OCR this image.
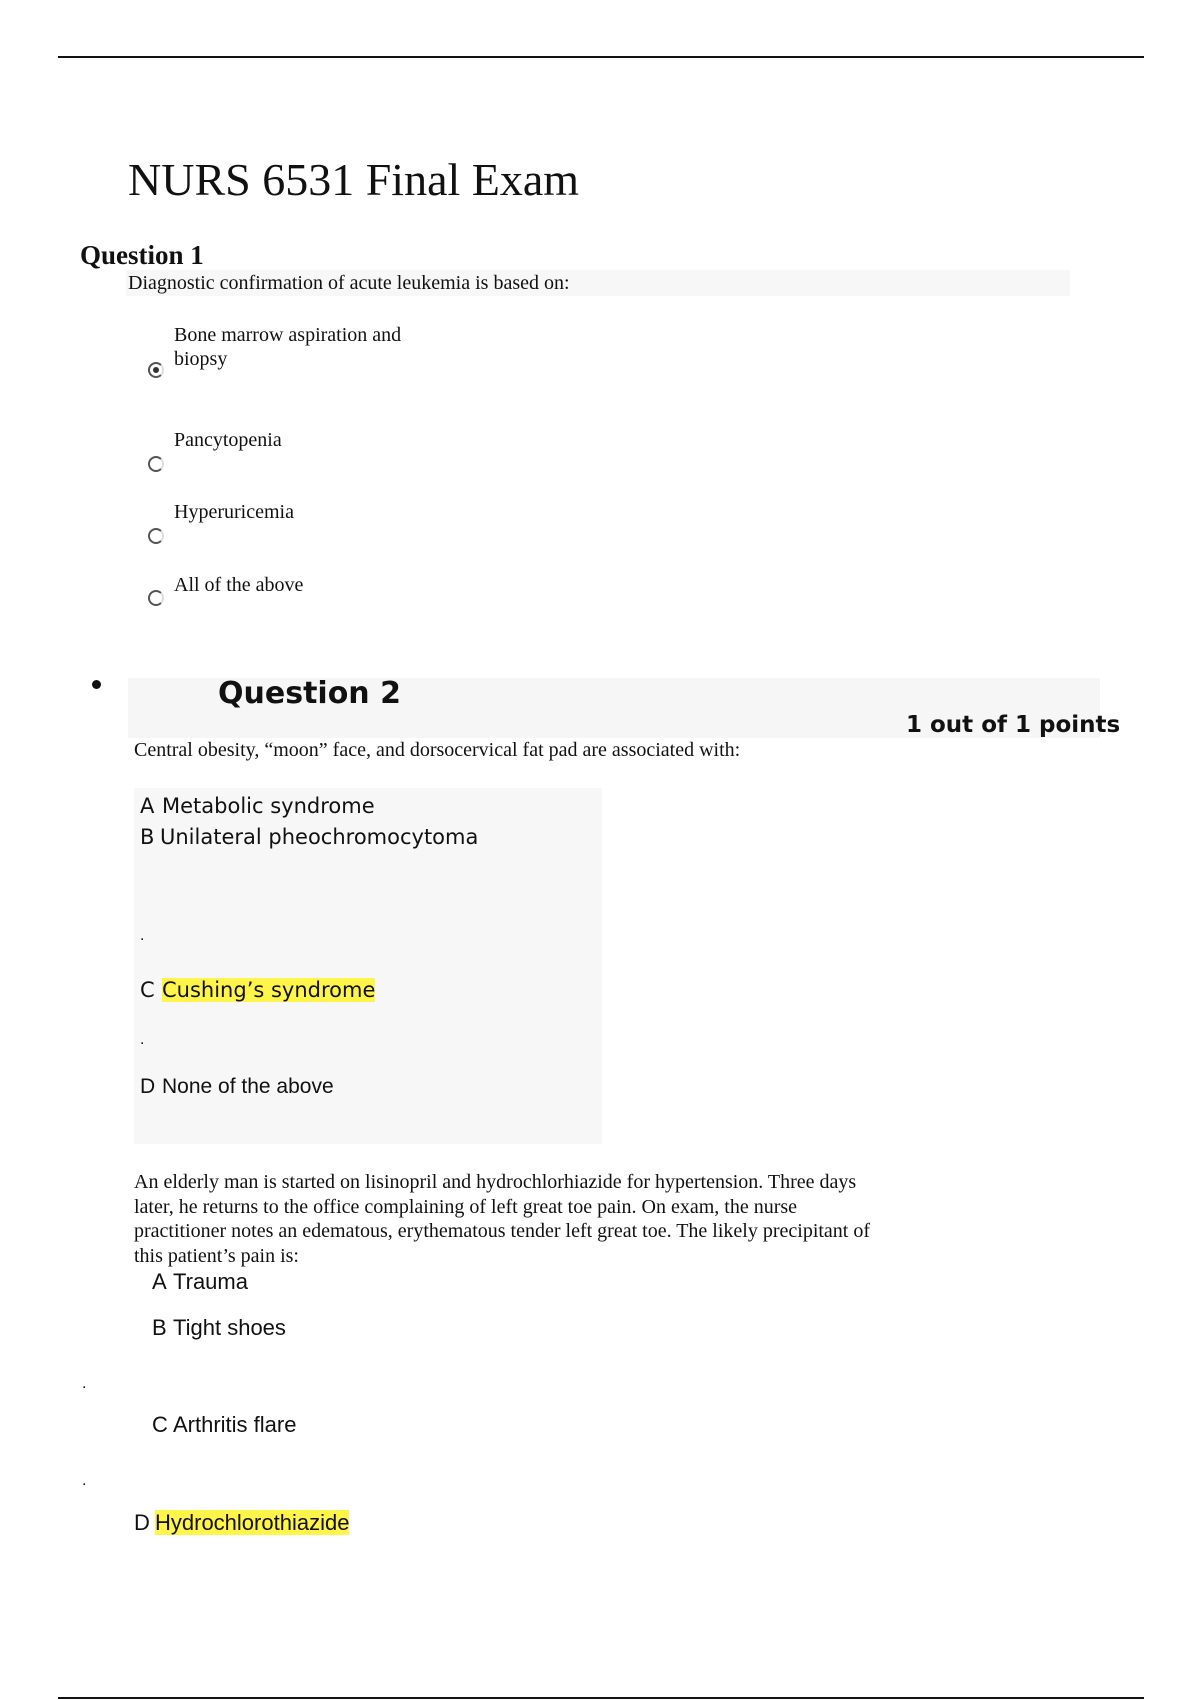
NURS 6531 Final Exam
Question 1
Diagnostic confirmation of acute leukemia is based on:
Bone marrow aspiration and
biopsy
Pancytopenia
Hyperuricemia
All of the above
Question 2
1 out of 1 points
Central obesity, “moon” face, and dorsocervical fat pad are associated with:
A Metabolic syndrome
B Unilateral pheochromocytoma
.
C Cushing’s syndrome
.
D None of the above
An elderly man is started on lisinopril and hydrochlorhiazide for hypertension. Three days
later, he returns to the office complaining of left great toe pain. On exam, the nurse
practitioner notes an edematous, erythematous tender left great toe. The likely precipitant of
this patient’s pain is:
A Trauma
B Tight shoes
.
C Arthritis flare
.
D Hydrochlorothiazide
